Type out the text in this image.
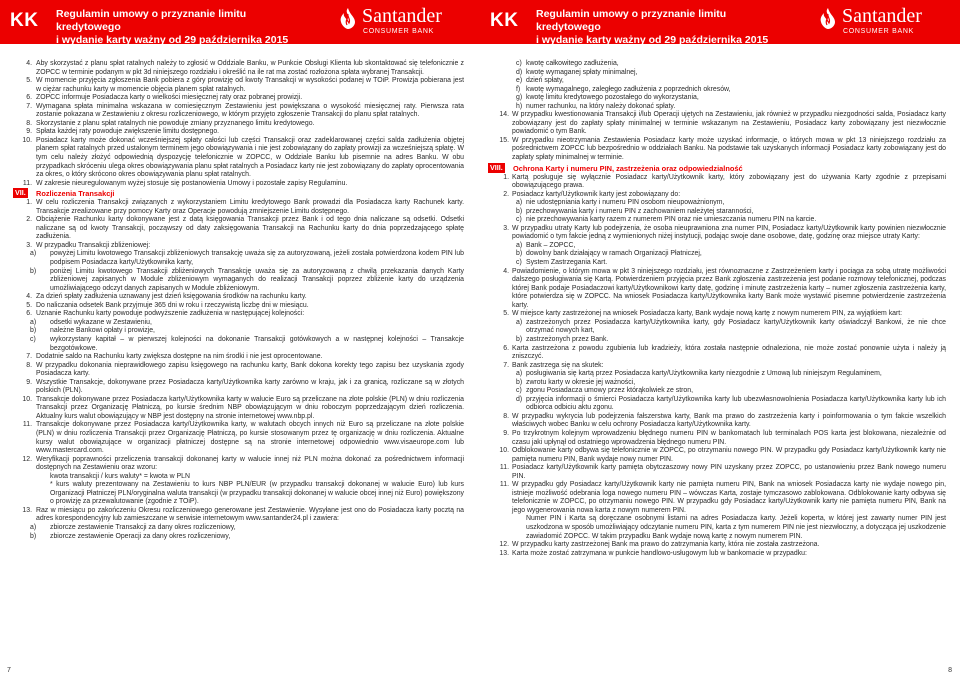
KK Regulamin umowy o przyznanie limitu kredytowego
i wydanie karty ważny od 29 października 2015 roku
Santander
CONSUMER BANK
4. Aby skorzystać z planu spłat ratalnych należy to zgłosić w Oddziale Banku, w Punkcie Obsługi Klienta lub skontaktować się telefonicznie z ZOPCC w terminie podanym w pkt 3d niniejszego rozdziału i określić na ile rat ma zostać rozłożona spłata wybranej Transakcji.
5. W momencie przyjęcia zgłoszenia Bank pobiera z góry prowizję od kwoty Transakcji w wysokości podanej w TOiP. Prowizja pobierana jest w ciężar rachunku karty w momencie objęcia planem spłat ratalnych.
6. ZOPCC informuje Posiadacza karty o wielkości miesięcznej raty oraz pobranej prowizji.
7. Wymagana spłata minimalna wskazana w comiesięcznym Zestawieniu jest powiększana o wysokość miesięcznej raty. Pierwsza rata zostanie pokazana w Zestawieniu z okresu rozliczeniowego, w którym przyjęto zgłoszenie Transakcji do planu spłat ratalnych.
8. Skorzystanie z planu spłat ratalnych nie powoduje zmiany przyznanego limitu kredytowego.
9. Spłata każdej raty powoduje zwiększenie limitu dostępnego.
10. Posiadacz karty może dokonać wcześniejszej spłaty całości lub części Transakcji oraz zadeklarowanej części salda zadłużenia objętej planem spłat ratalnych przed ustalonym terminem jego obowiązywania i nie jest zobowiązany do zapłaty prowizji za wcześniejszą spłatę. W tym celu należy złożyć odpowiednią dyspozycję telefonicznie w ZOPCC, w Oddziale Banku lub pisemnie na adres Banku. W obu przypadkach skróceniu ulega okres obowiązywania planu spłat ratalnych a Posiadacz karty nie jest zobowiązany do zapłaty oprocentowania za okres, o który skrócono okres obowiązywania planu spłat ratalnych.
11. W zakresie nieuregulowanym wyżej stosuje się postanowienia Umowy i pozostałe zapisy Regulaminu.
VII. Rozliczenia Transakcji
1. W celu rozliczenia Transakcji związanych z wykorzystaniem Limitu kredytowego Bank prowadzi dla Posiadacza karty Rachunek karty. Transakcje zrealizowane przy pomocy Karty oraz Operacje powodują zmniejszenie Limitu dostępnego.
2. Obciążenie Rachunku karty dokonywane jest z datą księgowania Transakcji przez Bank i od tego dnia naliczane są odsetki. Odsetki naliczane są od kwoty Transakcji, począwszy od daty zaksięgowania Transakcji na Rachunku karty do dnia poprzedzającego spłatę zadłużenia.
3. W przypadku Transakcji zbliżeniowej:
a)	powyżej Limitu kwotowego Transakcji zbliżeniowych transakcję uważa się za autoryzowaną, jeżeli została potwierdzona kodem PIN lub podpisem Posiadacza karty/Użytkownika karty,
b)	poniżej Limitu kwotowego Transakcji zbliżeniowych Transakcję uważa się za autoryzowaną z chwilą przekazania danych Karty zbliżeniowej zapisanych w Module zbliżeniowym wymaganych do realizacji Transakcji poprzez zbliżenie karty do urządzenia umożliwiającego odczyt danych zapisanych w Module zbliżeniowym.
4. Za dzień spłaty zadłużenia uznawany jest dzień księgowania środków na rachunku karty.
5. Do naliczania odsetek Bank przyjmuje 365 dni w roku i rzeczywistą liczbę dni w miesiącu.
6. Uznanie Rachunku karty powoduje podwyższenie zadłużenia w następującej kolejności:
a)	odsetki wykazane w Zestawieniu,
b)	należne Bankowi opłaty i prowizje,
c)	wykorzystany kapitał – w pierwszej kolejności na dokonanie Transakcji gotówkowych a w następnej kolejności – Transakcje bezgotówkowe.
7. Dodatnie saldo na Rachunku karty zwiększa dostępne na nim środki i nie jest oprocentowane.
8. W przypadku dokonania nieprawidłowego zapisu księgowego na rachunku karty, Bank dokona korekty tego zapisu bez uzyskania zgody Posiadacza karty.
9. Wszystkie Transakcje, dokonywane przez Posiadacza karty/Użytkownika karty zarówno w kraju, jak i za granicą, rozliczane są w złotych polskich (PLN).
10. Transakcje dokonywane przez Posiadacza karty/Użytkownika karty w walucie Euro są przeliczane na złote polskie (PLN) w dniu rozliczenia Transakcji przez Organizację Płatniczą, po kursie średnim NBP obowiązującym w dniu roboczym poprzedzającym dzień rozliczenia. Aktualny kurs walut obowiązujący w NBP jest dostępny na stronie internetowej www.nbp.pl.
11. Transakcje dokonywane przez Posiadacza karty/Użytkownika karty, w walutach obcych innych niż Euro są przeliczane na złote polskie (PLN) w dniu rozliczenia Transakcji przez Organizację Płatniczą, po kursie stosowanym przez tę organizację w dniu rozliczenia. Aktualne kursy walut obowiązujące w organizacji płatniczej dostępne są na stronie internetowej odpowiednio www.visaeurope.com lub www.mastercard.com.
12. Weryfikacji poprawności przeliczenia transakcji dokonanej karty w walucie innej niż PLN można dokonać za pośrednictwem informacji dostępnych na Zestawieniu oraz wzoru:
kwota transakcji / kurs waluty* = kwota w PLN
* kurs waluty prezentowany na Zestawieniu to kurs NBP PLN/EUR (w przypadku transakcji dokonanej w walucie Euro) lub kurs Organizacji Płatniczej PLN/oryginalna waluta transakcji (w przypadku transakcji dokonanej w walucie obcej innej niż Euro) powiększony o prowizję za przewalutowanie (zgodnie z TOiP).
13. Raz w miesiącu po zakończeniu Okresu rozliczeniowego generowane jest Zestawienie. Wysyłane jest ono do Posiadacza karty pocztą na adres korespondencyjny lub zamieszczane w serwisie internetowym www.santander24.pl i zawiera:
a)	zbiorcze zestawienie Transakcji za dany okres rozliczeniowy,
b)	zbiorcze zestawienie Operacji za dany okres rozliczeniowy,
7
KK Regulamin umowy o przyznanie limitu kredytowego
i wydanie karty ważny od 29 października 2015 roku
Santander
CONSUMER BANK
c) kwotę całkowitego zadłużenia,
d) kwotę wymaganej spłaty minimalnej,
e) dzień spłaty,
f) kwotę wymagalnego, zaległego zadłużenia z poprzednich okresów,
g) kwotę limitu kredytowego pozostałego do wykorzystania,
h) numer rachunku, na który należy dokonać spłaty.
14. W przypadku kwestionowania Transakcji i/lub Operacji ujętych na Zestawieniu, jak również w przypadku niezgodności salda, Posiadacz karty zobowiązany jest do zapłaty spłaty minimalnej w terminie wskazanym na Zestawieniu, Posiadacz karty zobowiązany jest niezwłocznie powiadomić o tym Bank.
15. W przypadku nieotrzymania Zestawienia Posiadacz karty może uzyskać informacje, o których mowa w pkt 13 niniejszego rozdziału za pośrednictwem ZOPCC lub bezpośrednio w oddziałach Banku. Na podstawie tak uzyskanych informacji Posiadacz karty zobowiązany jest do zapłaty spłaty minimalnej w terminie.
VIII. Ochrona Karty i numeru PIN, zastrzeżenia oraz odpowiedzialność
1. Kartą posługuje się wyłącznie Posiadacz karty/Użytkownik karty, który zobowiązany jest do używania Karty zgodnie z przepisami obowiązującego prawa.
2. Posiadacz karty/Użytkownik karty jest zobowiązany do:
a) nie udostępniania karty i numeru PIN osobom nieupoważnionym,
b) przechowywania karty i numeru PIN z zachowaniem należytej staranności,
c) nie przechowywania karty razem z numerem PIN oraz nie umieszczania numeru PIN na karcie.
3. W przypadku utraty Karty lub podejrzenia, że osoba nieuprawniona zna numer PIN, Posiadacz karty/Użytkownik karty powinien niezwłocznie powiadomić o tym fakcie jedną z wymienionych niżej instytucji, podając swoje dane osobowe, datę, godzinę oraz miejsce utraty Karty:
a) Bank – ZOPCC,
b) dowolny bank działający w ramach Organizacji Płatniczej,
c) System Zastrzegania Kart.
4. Powiadomienie, o którym mowa w pkt 3 niniejszego rozdziału, jest równoznaczne z Zastrzeżeniem karty i pociąga za sobą utratę możliwości dalszego posługiwania się Kartą. Potwierdzeniem przyjęcia przez Bank zgłoszenia zastrzeżenia jest podanie rozmowy telefonicznej, podczas której Bank podaje Posiadaczowi karty/Użytkownikowi karty datę, godzinę i minutę zastrzeżenia karty – numer zgłoszenia zastrzeżenia karty, które potwierdza się w ZOPCC. Na wniosek Posiadacza karty/Użytkownika karty Bank może wystawić pisemne potwierdzenie zastrzeżenia karty.
5. W miejsce karty zastrzeżonej na wniosek Posiadacza karty, Bank wydaje nową kartę z nowym numerem PIN, za wyjątkiem kart:
a) zastrzeżonych przez Posiadacza karty/Użytkownika karty, gdy Posiadacz karty/Użytkownik karty oświadczył Bankowi, że nie chce otrzymać nowych kart,
b) zastrzeżonych przez Bank.
6. Karta zastrzeżona z powodu zgubienia lub kradzieży, która została następnie odnaleziona, nie może zostać ponownie użyta i należy ją zniszczyć.
7. Bank zastrzega się na skutek:
a) posługiwania się kartą przez Posiadacza karty/Użytkownika karty niezgodnie z Umową lub niniejszym Regulaminem,
b) zwrotu karty w okresie jej ważności,
c) zgonu Posiadacza umowy przez którąkolwiek ze stron,
d) przyjęcia informacji o śmierci Posiadacza karty/Użytkownika karty lub ubezwłasnowolnienia Posiadacza karty/Użytkownika karty lub ich odbiorca odbiciu aktu zgonu.
8. W przypadku wykrycia lub podejrzenia fałszerstwa karty, Bank ma prawo do zastrzeżenia karty i poinformowania o tym fakcie wszelkich właściwych wobec Banku w celu ochrony Posiadacza karty/Użytkownika karty.
9. Po trzykrotnym kolejnym wprowadzeniu błędnego numeru PIN w bankomatach lub terminalach POS karta jest blokowana, niezależnie od czasu jaki upłynął od ostatniego wprowadzenia błędnego numeru PIN.
10. Odblokowanie karty odbywa się telefonicznie w ZOPCC, po otrzymaniu nowego PIN. W przypadku gdy Posiadacz karty/Użytkownik karty nie pamięta numeru PIN, Bank wydaje nowy numer PIN.
11. Posiadacz karty/Użytkownik karty pamięta obytczaszowy nowy PIN uzyskany przez ZOPCC, po ustanowieniu przez Bank nowego numeru PIN.
11. W przypadku gdy Posiadacz karty/Użytkownik karty nie pamięta numeru PIN, Bank na wniosek Posiadacza karty nie wydaje nowego pin, istnieje możliwość odebrania loga nowego numeru PIN – wówczas Karta, zostaje tymczasowo zablokowana. Odblokowanie karty odbywa się telefonicznie w ZOPCC, po otrzymaniu nowego PIN. W przypadku gdy Posiadacz karty/Użytkownik karty nie pamięta numeru PIN, Bank na jego wygenerowania nowa karta z nowym numerem PIN.
Numer PIN i Karta są doręczane osobnymi listami na adres Posiadacza karty. Jeżeli koperta, w której jest zawarty numer PIN jest uszkodzona w sposób umożliwiający odczytanie numeru PIN, karta z tym numerem PIN nie jest niezwłoczny, a dotycząca jej uszkodzenie zawiadomić ZOPCC. W takim przypadku Bank wydaje nową kartę z nowym numerem PIN.
12. W przypadku karty zastrzeżonej Bank ma prawo do zatrzymania karty, która nie została zastrzeżona.
13. Karta może zostać zatrzymana w punkcie handlowo-usługowym lub w bankomacie w przypadku:
8
